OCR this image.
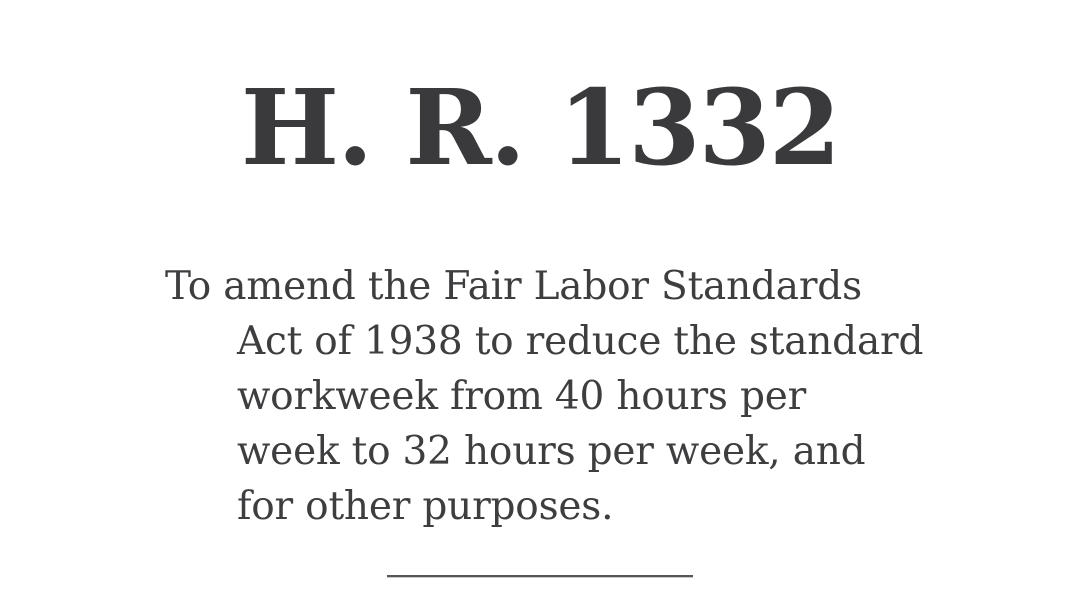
H. R. 1332
To amend the Fair Labor Standards
Act of 1938 to reduce the standard
workweek from 40 hours per
week to 32 hours per week, and
for other purposes.
